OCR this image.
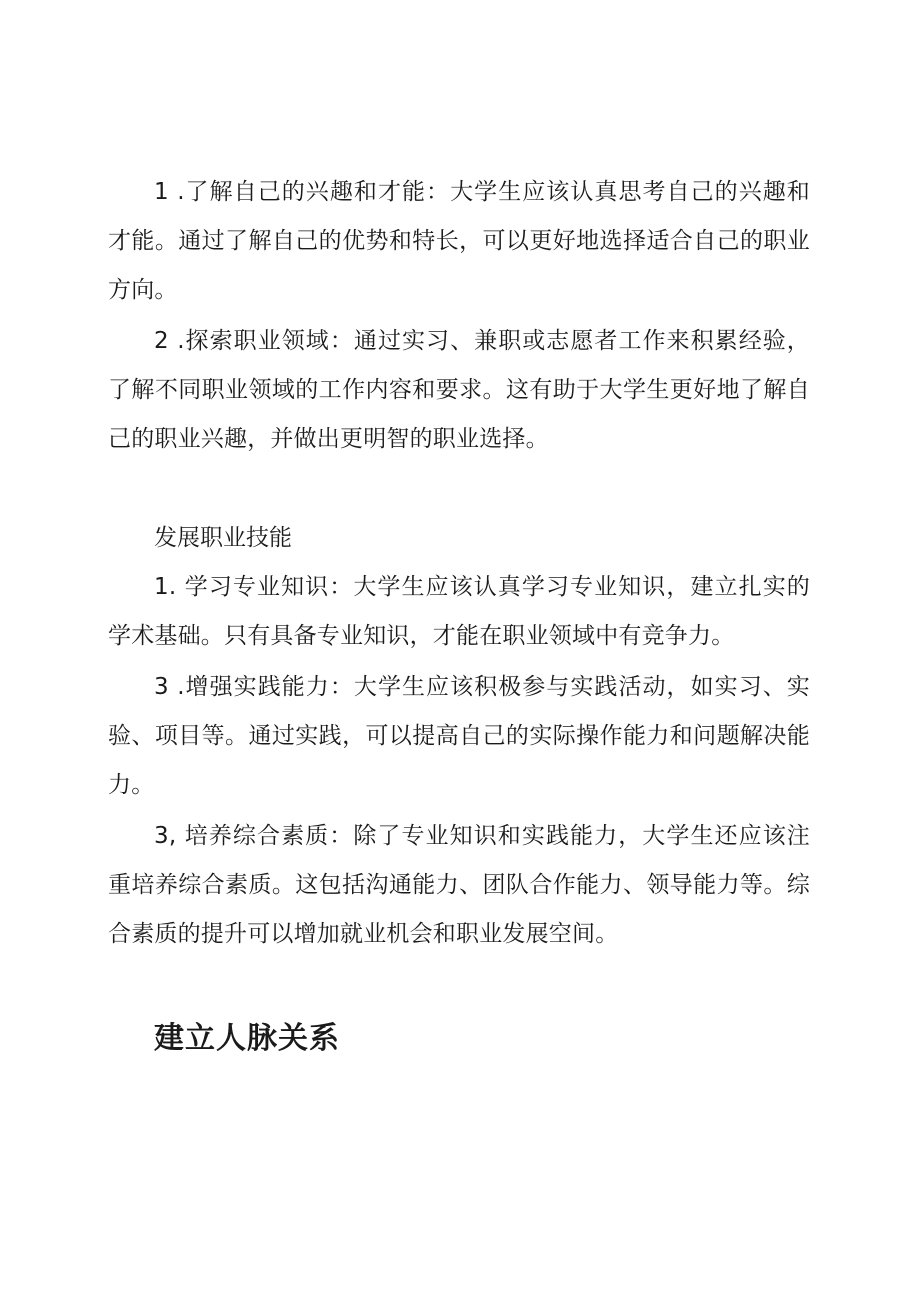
1 .了解自己的兴趣和才能：大学生应该认真思考自己的兴趣和才能。通过了解自己的优势和特长，可以更好地选择适合自己的职业方向。

2 .探索职业领域：通过实习、兼职或志愿者工作来积累经验，了解不同职业领域的工作内容和要求。这有助于大学生更好地了解自己的职业兴趣，并做出更明智的职业选择。

发展职业技能

1. 学习专业知识：大学生应该认真学习专业知识，建立扎实的学术基础。只有具备专业知识，才能在职业领域中有竞争力。

3 .增强实践能力：大学生应该积极参与实践活动，如实习、实验、项目等。通过实践，可以提高自己的实际操作能力和问题解决能力。

3, 培养综合素质：除了专业知识和实践能力，大学生还应该注重培养综合素质。这包括沟通能力、团队合作能力、领导能力等。综合素质的提升可以增加就业机会和职业发展空间。

建立人脉关系
